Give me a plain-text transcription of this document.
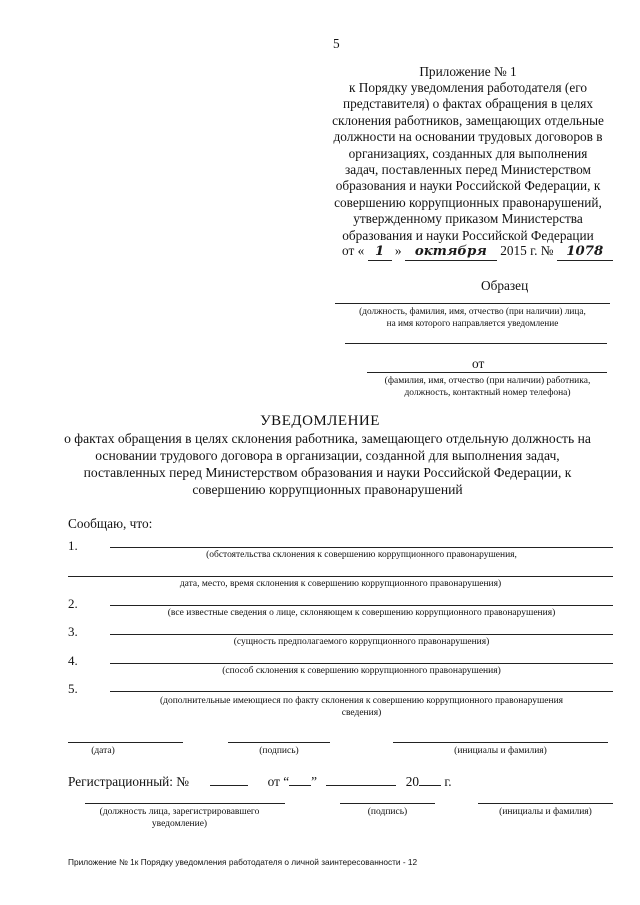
5
Приложение № 1
к Порядку уведомления работодателя (его
представителя) о фактах обращения в целях
склонения работников, замещающих отдельные
должности на основании трудовых договоров в
организациях, созданных для выполнения
задач, поставленных перед Министерством
образования и науки Российской Федерации, к
совершению коррупционных правонарушений,
утвержденному приказом Министерства
образования и науки Российской Федерации
от « 1 » октября 2015 г. № 1078
Образец
(должность, фамилия, имя, отчество (при наличии) лица,
на имя которого направляется уведомление
от
(фамилия, имя, отчество (при наличии) работника,
должность, контактный номер телефона)
УВЕДОМЛЕНИЕ
о фактах обращения в целях склонения работника, замещающего отдельную должность на
основании трудового договора в организации, созданной для выполнения задач,
поставленных перед Министерством образования и науки Российской Федерации, к
совершению коррупционных правонарушений
Сообщаю, что:
1.
(обстоятельства склонения к совершению коррупционного правонарушения,
дата, место, время склонения к совершению коррупционного правонарушения)
2.
(все известные сведения о лице, склоняющем к совершению коррупционного правонарушения)
3.
(сущность предполагаемого коррупционного правонарушения)
4.
(способ склонения к совершению коррупционного правонарушения)
5.
(дополнительные имеющиеся по факту склонения к совершению коррупционного правонарушения
сведения)
(дата)	(подпись)	(инициалы и фамилия)
Регистрационный: №	от “ ”	20 г.
(должность лица, зарегистрировавшего
уведомление)
(подпись)	(инициалы и фамилия)
Приложение № 1к Порядку уведомления работодателя о личной заинтересованности - 12
